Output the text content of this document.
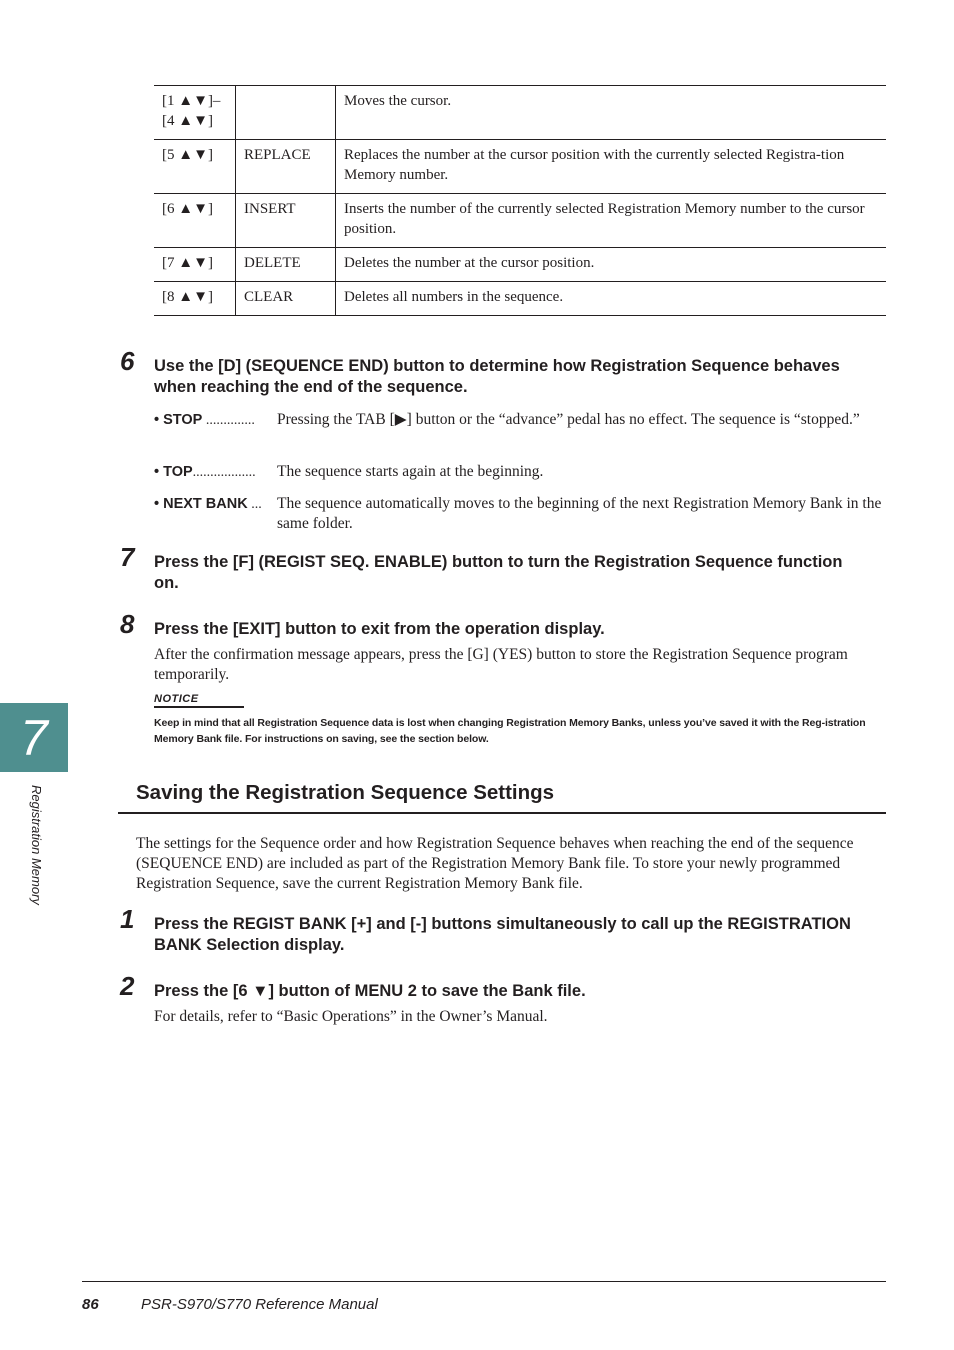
[1 ▲▼]–
[4 ▲▼]		Moves the cursor.
[5 ▲▼]	REPLACE	Replaces the number at the cursor position with the currently selected Registra-tion Memory number.
[6 ▲▼]	INSERT	Inserts the number of the currently selected Registration Memory number to the cursor position.
[7 ▲▼]	DELETE	Deletes the number at the cursor position.
[8 ▲▼]	CLEAR	Deletes all numbers in the sequence.
6 Use the [D] (SEQUENCE END) button to determine how Registration Sequence behaves when reaching the end of the sequence.
• STOP .............. Pressing the TAB [▶] button or the “advance” pedal has no effect. The sequence is “stopped.”
• TOP.................. The sequence starts again at the beginning.
• NEXT BANK ... The sequence automatically moves to the beginning of the next Registration Memory Bank in the same folder.
7 Press the [F] (REGIST SEQ. ENABLE) button to turn the Registration Sequence function on.
8 Press the [EXIT] button to exit from the operation display.
After the confirmation message appears, press the [G] (YES) button to store the Registration Sequence program temporarily.
NOTICE
Keep in mind that all Registration Sequence data is lost when changing Registration Memory Banks, unless you’ve saved it with the Reg-istration Memory Bank file. For instructions on saving, see the section below.
7
Registration Memory	Saving the Registration Sequence Settings
The settings for the Sequence order and how Registration Sequence behaves when reaching the end of the sequence (SEQUENCE END) are included as part of the Registration Memory Bank file. To store your newly programmed Registration Sequence, save the current Registration Memory Bank file.
1 Press the REGIST BANK [+] and [-] buttons simultaneously to call up the REGISTRATION BANK Selection display.
2 Press the [6 ▼] button of MENU 2 to save the Bank file.
For details, refer to “Basic Operations” in the Owner’s Manual.
86	PSR-S970/S770 Reference Manual
